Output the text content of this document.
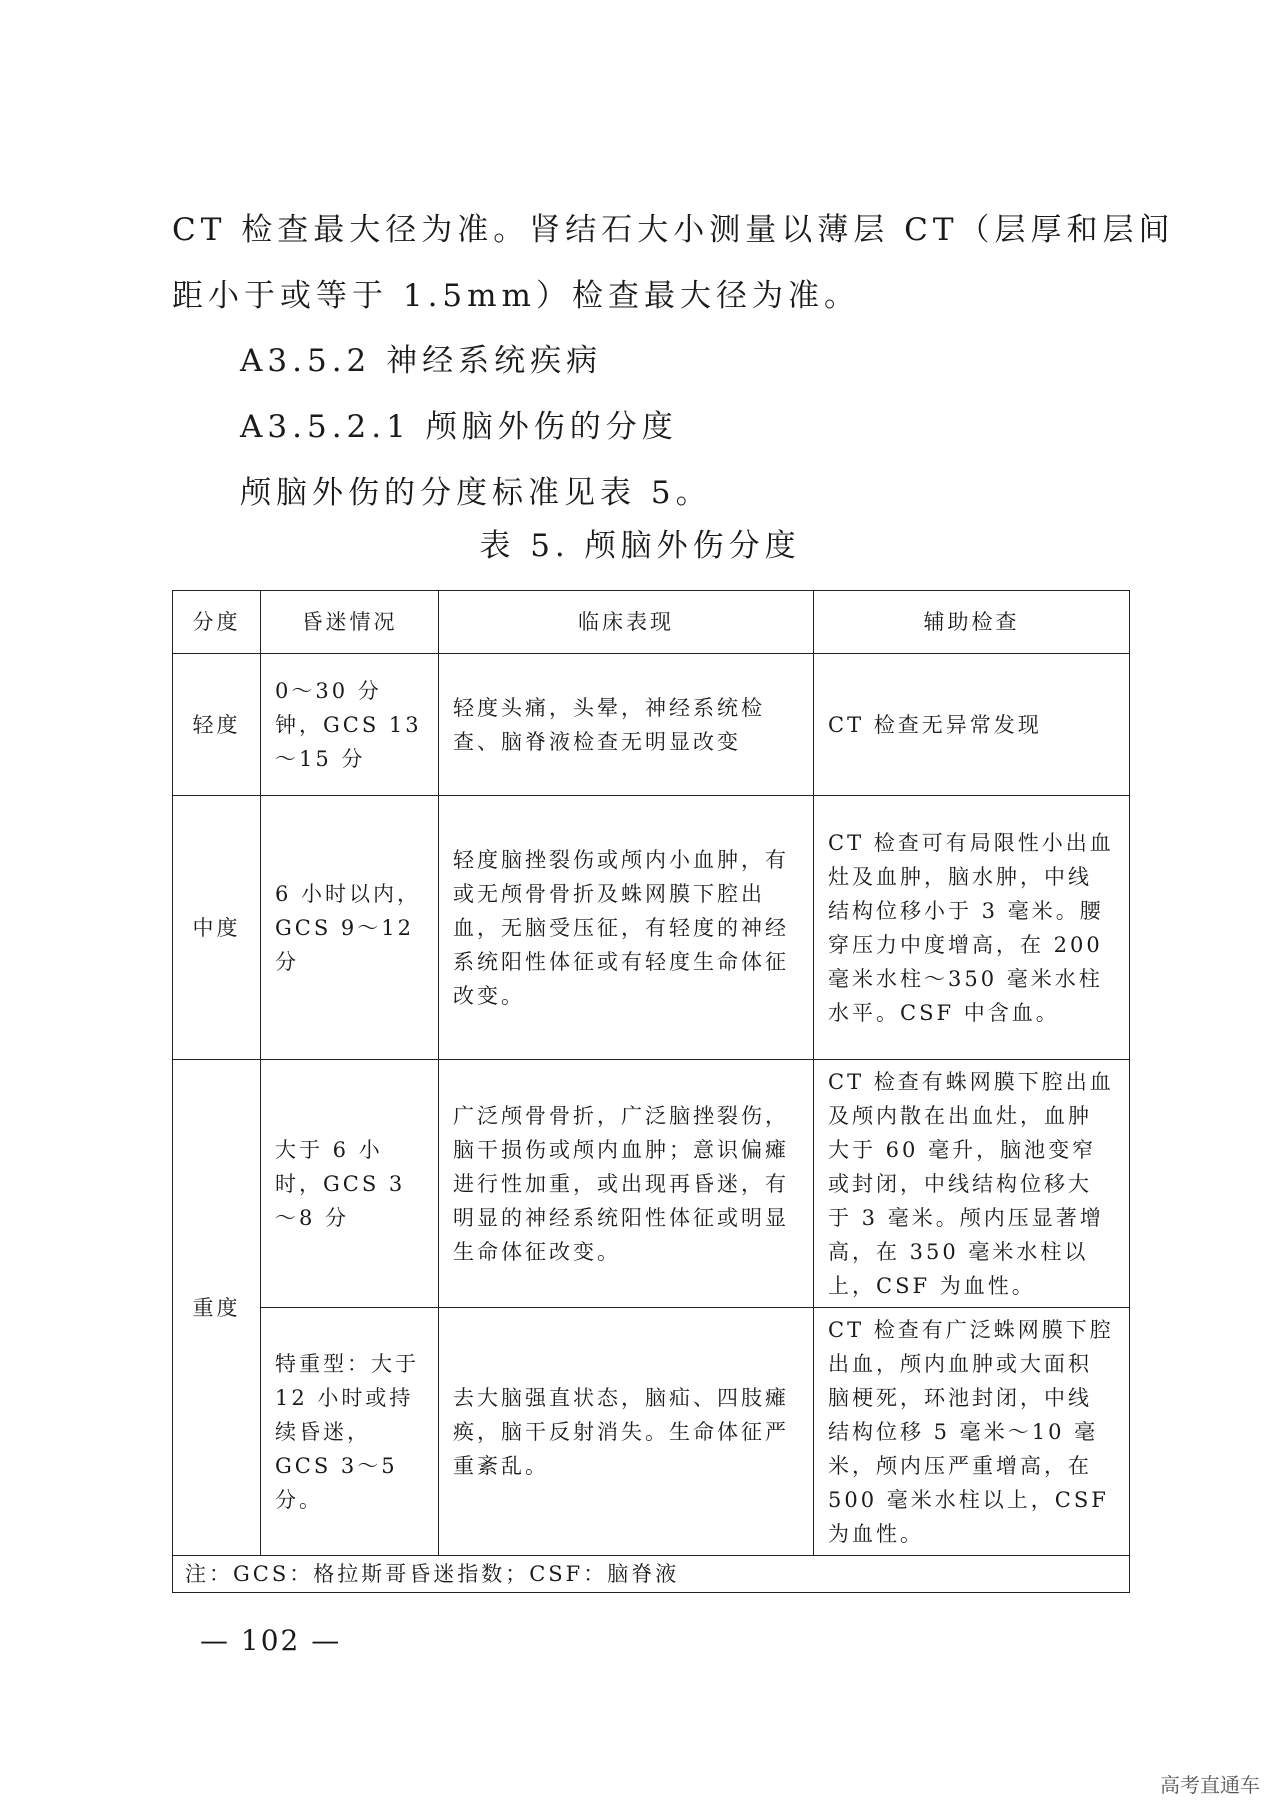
CT 检查最大径为准。肾结石大小测量以薄层 CT（层厚和层间

距小于或等于 1.5mm）检查最大径为准。

A3.5.2 神经系统疾病

A3.5.2.1 颅脑外伤的分度

颅脑外伤的分度标准见表 5。

表 5. 颅脑外伤分度

分度	昏迷情况	临床表现	辅助检查
轻度	0～30 分钟，GCS 13～15 分	轻度头痛，头晕，神经系统检查、脑脊液检查无明显改变	CT 检查无异常发现
中度	6 小时以内，GCS 9～12 分	轻度脑挫裂伤或颅内小血肿，有或无颅骨骨折及蛛网膜下腔出血，无脑受压征，有轻度的神经系统阳性体征或有轻度生命体征改变。	CT 检查可有局限性小出血灶及血肿，脑水肿，中线结构位移小于 3 毫米。腰穿压力中度增高，在 200 毫米水柱～350 毫米水柱水平。CSF 中含血。
重度	大于 6 小时，GCS 3～8 分	广泛颅骨骨折，广泛脑挫裂伤，脑干损伤或颅内血肿；意识偏瘫进行性加重，或出现再昏迷，有明显的神经系统阳性体征或明显生命体征改变。	CT 检查有蛛网膜下腔出血及颅内散在出血灶，血肿大于 60 毫升，脑池变窄或封闭，中线结构位移大于 3 毫米。颅内压显著增高，在 350 毫米水柱以上，CSF 为血性。
	特重型：大于 12 小时或持续昏迷，GCS 3～5 分。	去大脑强直状态，脑疝、四肢瘫痪，脑干反射消失。生命体征严重紊乱。	CT 检查有广泛蛛网膜下腔出血，颅内血肿或大面积脑梗死，环池封闭，中线结构位移 5 毫米～10 毫米，颅内压严重增高，在 500 毫米水柱以上，CSF 为血性。
注：GCS：格拉斯哥昏迷指数；CSF：脑脊液			

— 102 —

高考直通车
